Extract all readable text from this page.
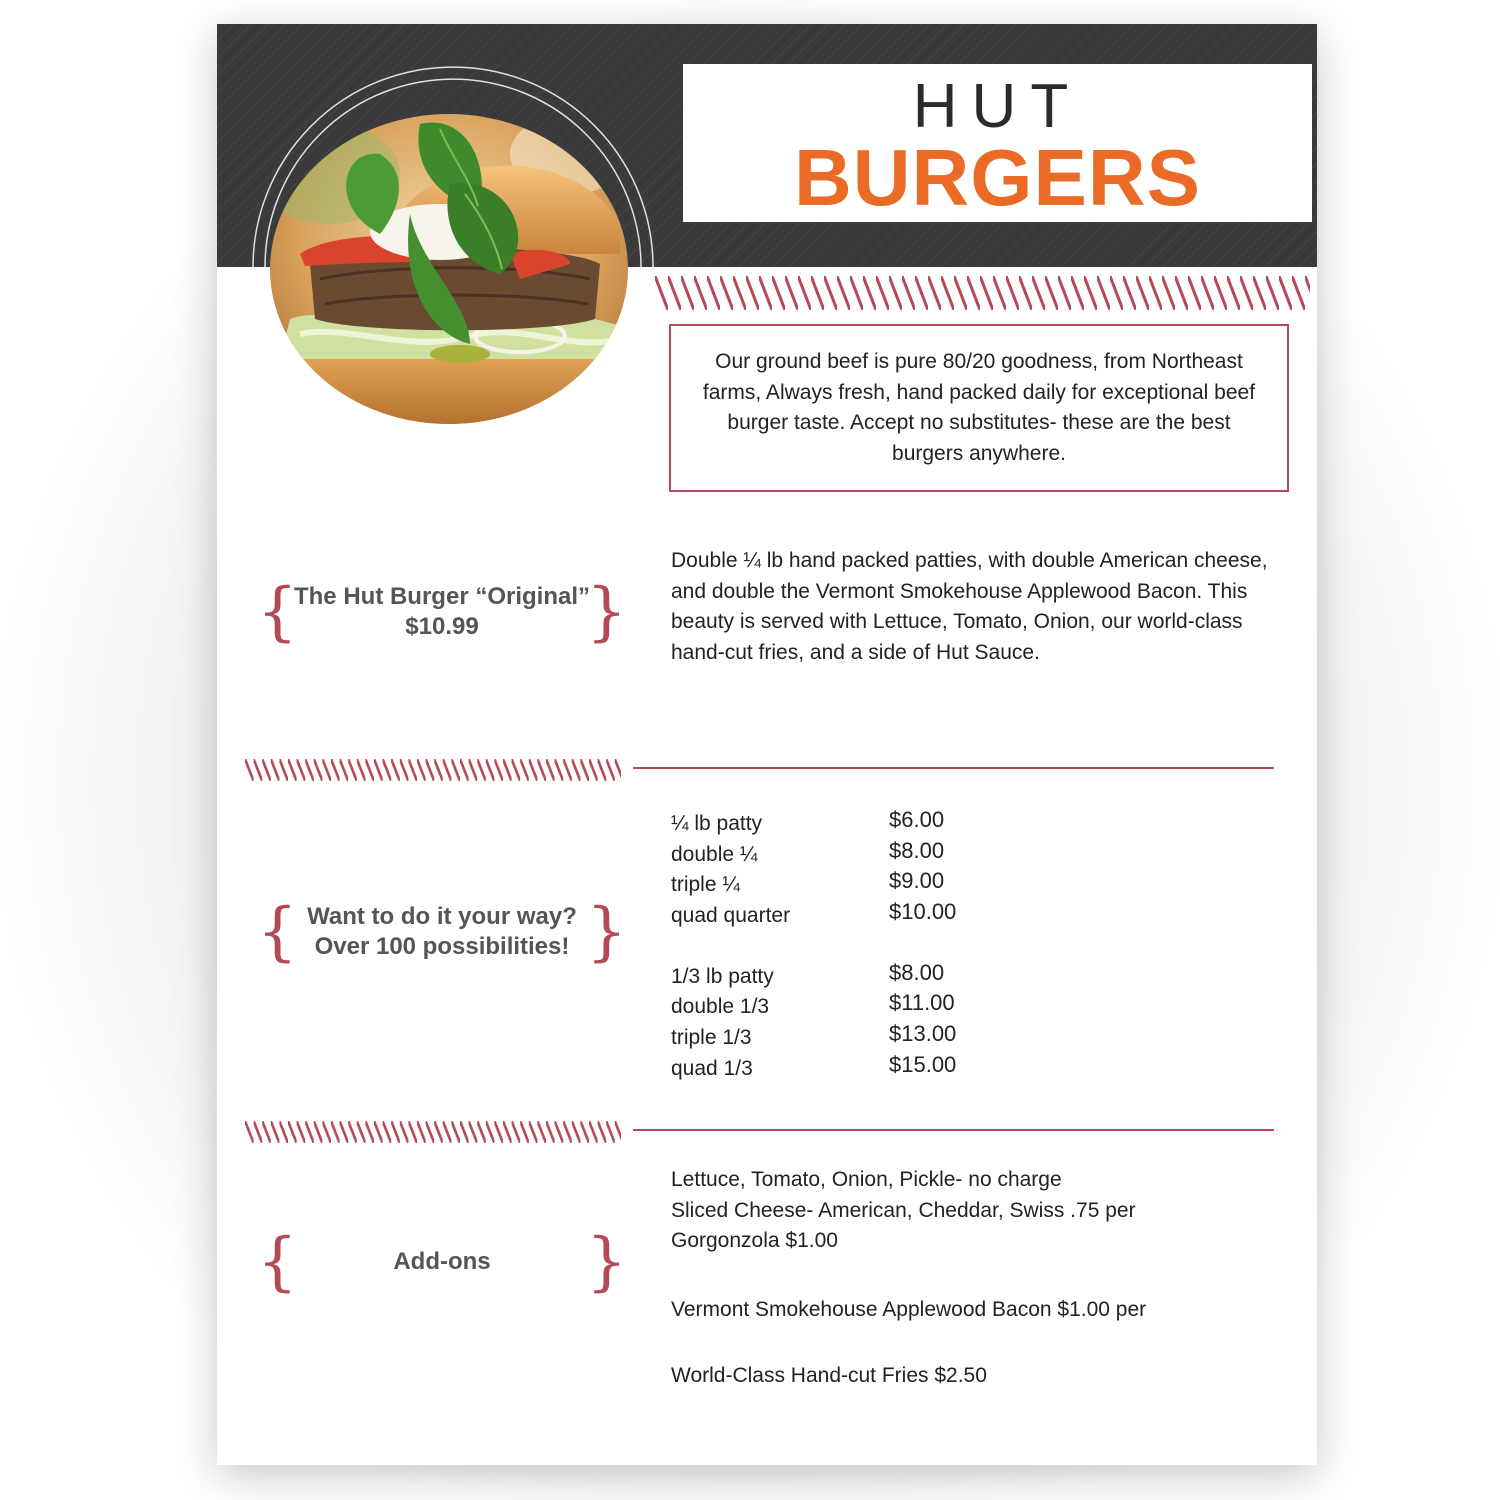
HUT
BURGERS
Our ground beef is pure 80/20 goodness, from Northeast farms, Always fresh, hand packed daily for exceptional beef burger taste. Accept no substitutes- these are the best burgers anywhere.
{
The Hut Burger “Original”
$10.99	}
Double ¼ lb hand packed patties, with double American cheese, and double the Vermont Smokehouse Applewood Bacon. This beauty is served with Lettuce, Tomato, Onion, our world-class hand-cut fries, and a side of Hut Sauce.
{ Want to do it your way?
Over 100 possibilities! }
¼ lb patty	$6.00
double ¼	$8.00
triple ¼	$9.00
quad quarter	$10.00
1/3 lb patty	$8.00
double 1/3	$11.00
triple 1/3	$13.00
quad 1/3	$15.00
{	Add-ons }
Lettuce, Tomato, Onion, Pickle- no charge
Sliced Cheese- American, Cheddar, Swiss .75 per
Gorgonzola $1.00
Vermont Smokehouse Applewood Bacon $1.00 per
World-Class Hand-cut Fries $2.50
